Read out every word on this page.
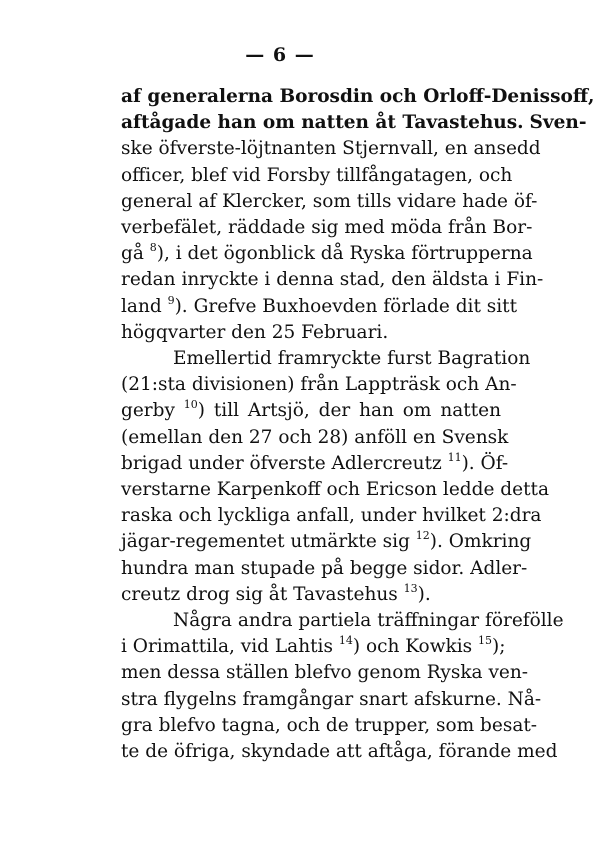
— 6 —
af generalerna Borosdin och Orloff-Denissoff,
aftågade han om natten åt Tavastehus. Sven-
ske öfverste-löjtnanten Stjernvall, en ansedd
officer, blef vid Forsby tillfångatagen, och
general af Klercker, som tills vidare hade öf-
verbefälet, räddade sig med möda från Bor-
gå $^8$), i det ögonblick då Ryska förtrupperna
redan inryckte i denna stad, den äldsta i Fin-
land $^9$). Grefve Buxhoevden förlade dit sitt
högqvarter den 25 Februari.
Emellertid framryckte furst Bagration
(21:sta divisionen) från Lappträsk och An-
gerby $^{10}$) till Artsjö, der han om natten
(emellan den 27 och 28) anföll en Svensk
brigad under öfverste Adlercreutz $^{11}$). Öf-
verstarne Karpenkoff och Ericson ledde detta
raska och lyckliga anfall, under hvilket 2:dra
jägar-regementet utmärkte sig $^{12}$). Omkring
hundra man stupade på begge sidor. Adler-
creutz drog sig åt Tavastehus $^{13}$).
Några andra partiela träffningar förefölle
i Orimattila, vid Lahtis $^{14}$) och Kowkis $^{15}$);
men dessa ställen blefvo genom Ryska ven-
stra flygelns framgångar snart afskurne. Nå-
gra blefvo tagna, och de trupper, som besat-
te de öfriga, skyndade att aftåga, förande med
